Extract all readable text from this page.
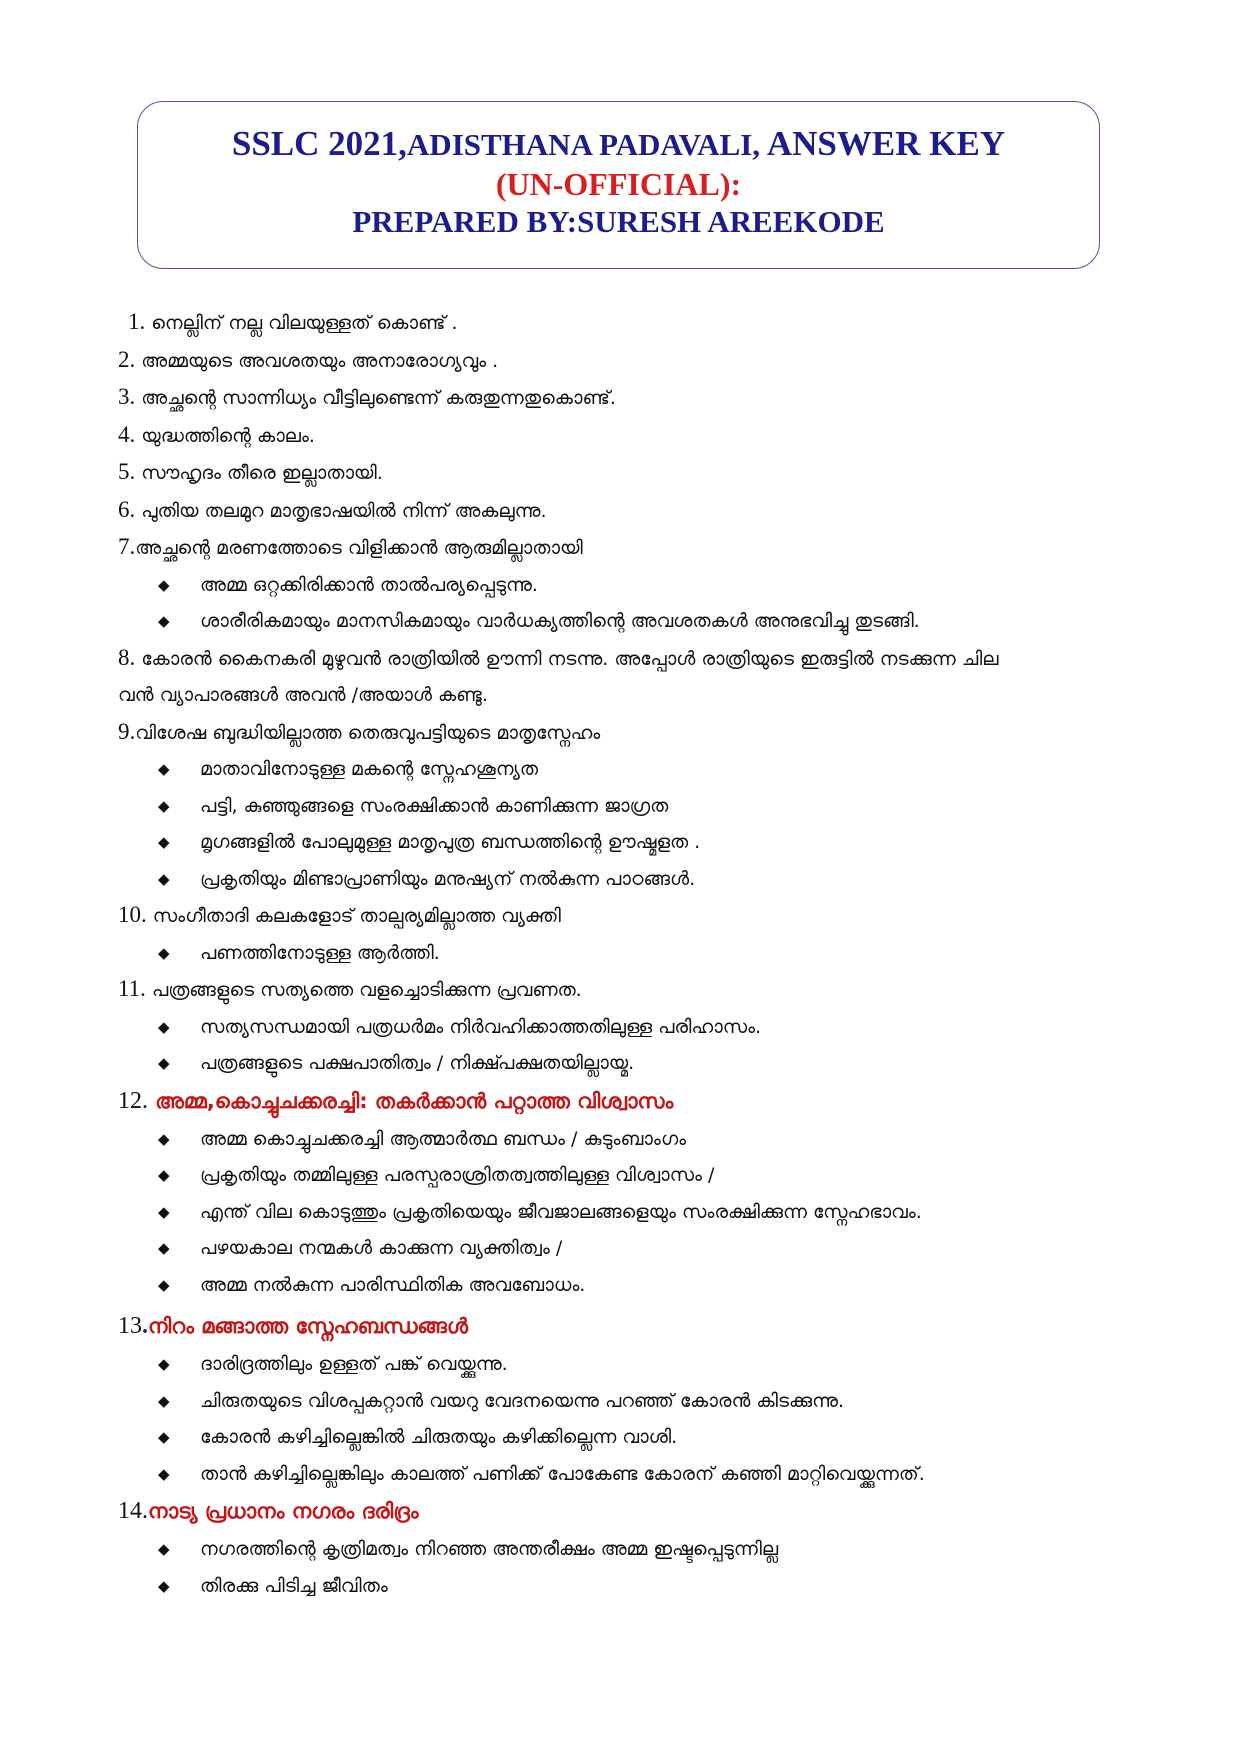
SSLC 2021,ADISTHANA PADAVALI, ANSWER KEY
(UN-OFFICIAL):
PREPARED BY:SURESH AREEKODE
1. നെല്ലിന് നല്ല വിലയുള്ളത് കൊണ്ട് .
2. അമ്മയുടെ അവശതയും അനാരോഗ്യവും .
3. അച്ഛന്റെ സാന്നിധ്യം വീട്ടിലുണ്ടെന്ന് കരുതുന്നതുകൊണ്ട്.
4. യുദ്ധത്തിന്റെ കാലം.
5. സൗഹൃദം തീരെ ഇല്ലാതായി.
6. പുതിയ തലമുറ മാതൃഭാഷയിൽ നിന്ന് അകലുന്നു.
7.അച്ഛന്റെ മരണത്തോടെ വിളിക്കാൻ ആരുമില്ലാതായി
◆ അമ്മ ഒറ്റക്കിരിക്കാൻ താൽപര്യപ്പെടുന്നു.
◆ ശാരീരികമായും മാനസികമായും വാർധക്യത്തിന്റെ അവശതകൾ അനുഭവിച്ചു തുടങ്ങി.
8. കോരൻ കൈനകരി മുഴുവൻ രാത്രിയിൽ ഊന്നി നടന്നു. അപ്പോൾ രാത്രിയുടെ ഇരുട്ടിൽ നടക്കുന്ന ചില
വൻ വ്യാപാരങ്ങൾ അവൻ /അയാൾ കണ്ടു.
9.വിശേഷ ബുദ്ധിയില്ലാത്ത തെരുവുപട്ടിയുടെ മാതൃസ്നേഹം
◆ മാതാവിനോടുള്ള മകന്റെ സ്നേഹശൂന്യത
◆ പട്ടി, കുഞ്ഞുങ്ങളെ സംരക്ഷിക്കാൻ കാണിക്കുന്ന ജാഗ്രത
◆ മൃഗങ്ങളിൽ പോലുമുള്ള മാതൃപുത്ര ബന്ധത്തിന്റെ ഊഷ്മളത .
◆ പ്രകൃതിയും മിണ്ടാപ്രാണിയും മനുഷ്യന് നൽകുന്ന പാഠങ്ങൾ.
10. സംഗീതാദി കലകളോട് താല്പര്യമില്ലാത്ത വ്യക്തി
◆ പണത്തിനോടുള്ള ആർത്തി.
11. പത്രങ്ങളുടെ സത്യത്തെ വളച്ചൊടിക്കുന്ന പ്രവണത.
◆ സത്യസന്ധമായി പത്രധർമം നിർവഹിക്കാത്തതിലുള്ള പരിഹാസം.
◆ പത്രങ്ങളുടെ പക്ഷപാതിത്വം / നിക്ഷ്പക്ഷതയില്ലായ്മ.
12. അമ്മ,കൊച്ചുചക്കരച്ചി: തകർക്കാൻ പറ്റാത്ത വിശ്വാസം
◆ അമ്മ കൊച്ചുചക്കരച്ചി ആത്മാർത്ഥ ബന്ധം / കുടുംബാംഗം
◆ പ്രകൃതിയും തമ്മിലുള്ള പരസ്പരാശ്രിതത്വത്തിലുള്ള വിശ്വാസം /
◆ എന്ത് വില കൊടുത്തും പ്രകൃതിയെയും ജീവജാലങ്ങളെയും സംരക്ഷിക്കുന്ന സ്നേഹഭാവം.
◆ പഴയകാല നന്മകൾ കാക്കുന്ന വ്യക്തിത്വം /
◆ അമ്മ നൽകുന്ന പാരിസ്ഥിതിക അവബോധം.
13.നിറം മങ്ങാത്ത സ്നേഹബന്ധങ്ങൾ
◆ ദാരിദ്രത്തിലും ഉള്ളത് പങ്ക് വെയ്ക്കുന്നു.
◆ ചിരുതയുടെ വിശപ്പകറ്റാൻ വയറു വേദനയെന്നു പറഞ്ഞ് കോരൻ കിടക്കുന്നു.
◆ കോരൻ കഴിച്ചില്ലെങ്കിൽ ചിരുതയും കഴിക്കില്ലെന്ന വാശി.
◆ താൻ കഴിച്ചില്ലെങ്കിലും കാലത്ത് പണിക്ക് പോകേണ്ട കോരന് കഞ്ഞി മാറ്റിവെയ്ക്കുന്നത്.
14.നാട്യ പ്രധാനം നഗരം ദരിദ്രം
◆ നഗരത്തിന്റെ കൃത്രിമത്വം നിറഞ്ഞ അന്തരീക്ഷം അമ്മ ഇഷ്ടപ്പെടുന്നില്ല
◆ തിരക്കു പിടിച്ച ജീവിതം
